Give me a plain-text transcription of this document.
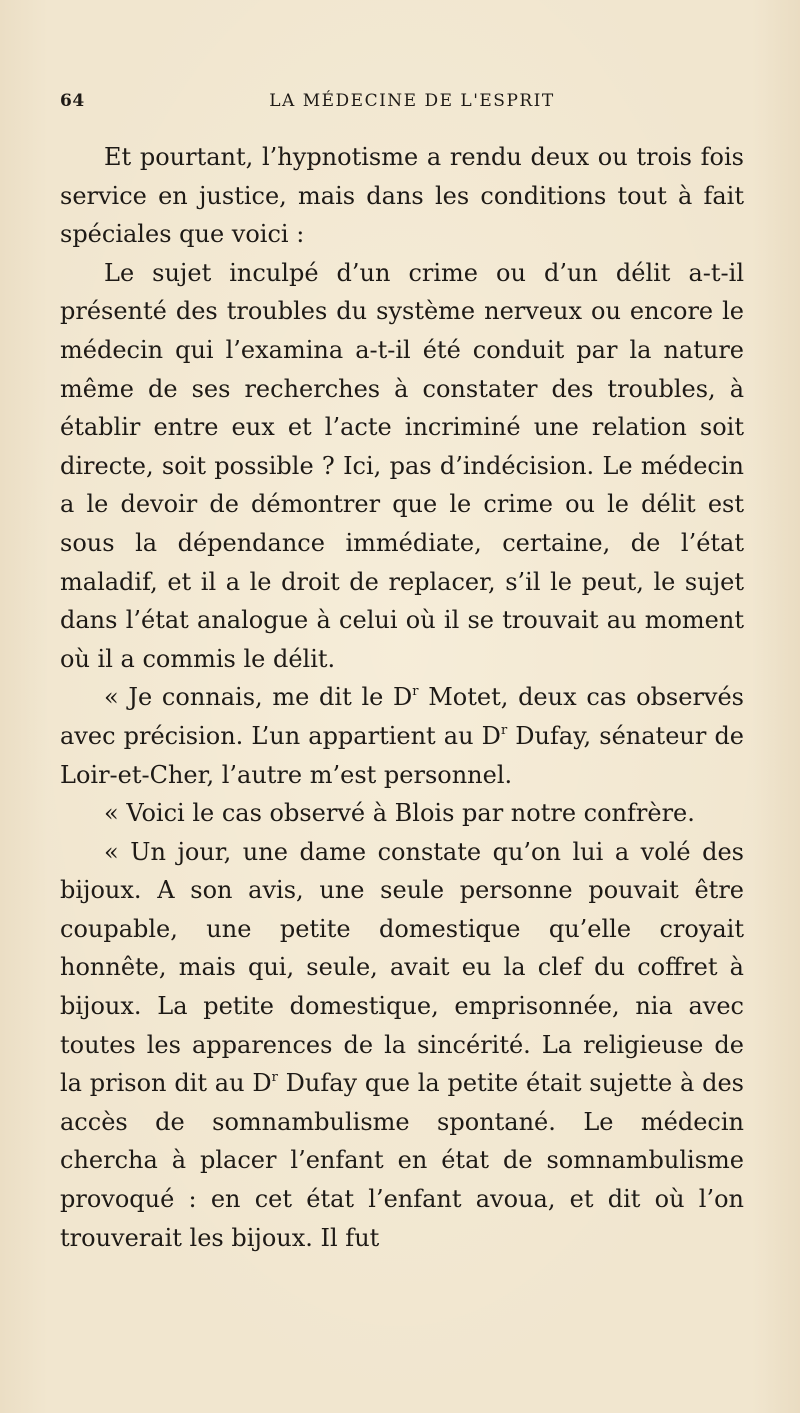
64	LA MÉDECINE DE L'ESPRIT

Et pourtant, l’hypnotisme a rendu deux ou trois fois service en justice, mais dans les conditions tout à fait spéciales que voici :

Le sujet inculpé d’un crime ou d’un délit a-t-il présenté des troubles du système nerveux ou encore le médecin qui l’examina a-t-il été conduit par la nature même de ses recherches à constater des troubles, à établir entre eux et l’acte incriminé une relation soit directe, soit possible ? Ici, pas d’indécision. Le médecin a le devoir de démontrer que le crime ou le délit est sous la dépendance immédiate, certaine, de l’état maladif, et il a le droit de replacer, s’il le peut, le sujet dans l’état analogue à celui où il se trouvait au moment où il a commis le délit.

« Je connais, me dit le $D^r$ Motet, deux cas observés avec précision. L’un appartient au $D^r$ Dufay, sénateur de Loir-et-Cher, l’autre m’est personnel.

« Voici le cas observé à Blois par notre confrère.

« Un jour, une dame constate qu’on lui a volé des bijoux. A son avis, une seule personne pouvait être coupable, une petite domestique qu’elle croyait honnête, mais qui, seule, avait eu la clef du coffret à bijoux. La petite domestique, emprisonnée, nia avec toutes les apparences de la sincérité. La religieuse de la prison dit au $D^r$ Dufay que la petite était sujette à des accès de somnambulisme spontané. Le médecin chercha à placer l’enfant en état de somnambulisme provoqué : en cet état l’enfant avoua, et dit où l’on trouverait les bijoux. Il fut
